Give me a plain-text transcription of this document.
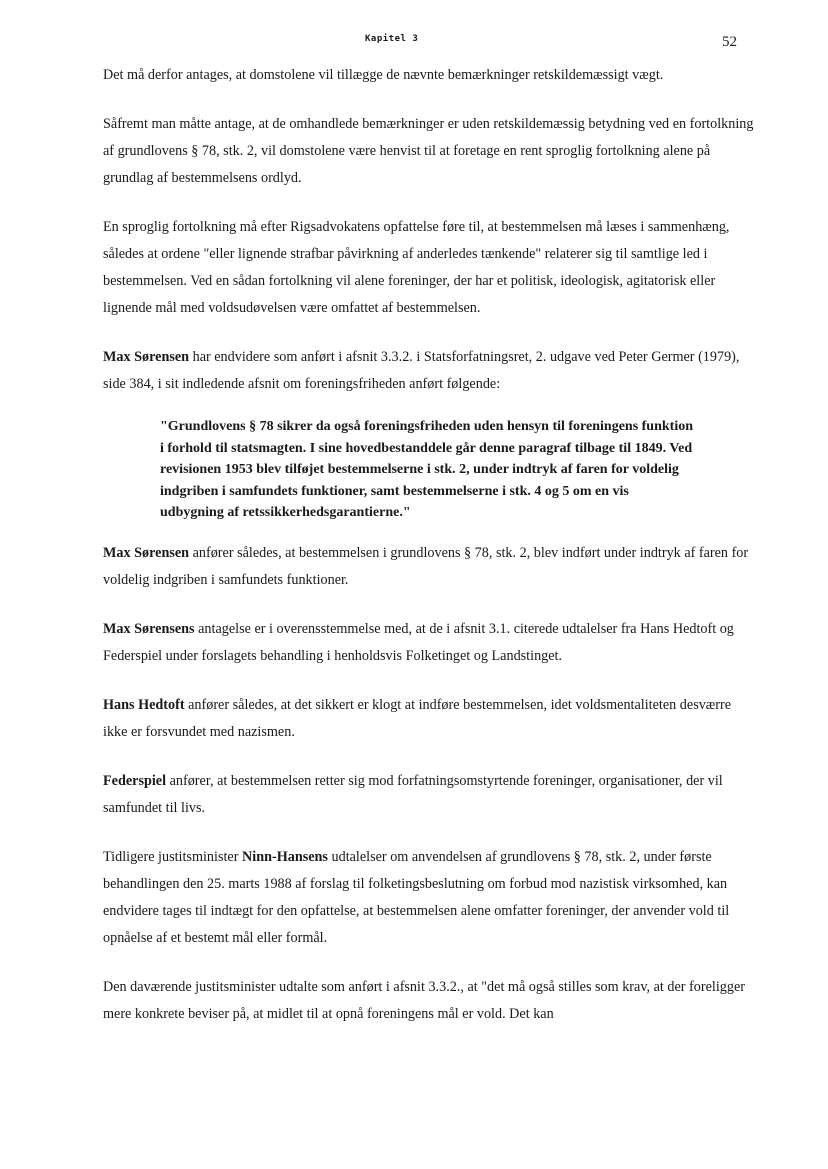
Kapitel 3	52

Det må derfor antages, at domstolene vil tillægge de nævnte bemærkninger retskildemæssigt vægt.

Såfremt man måtte antage, at de omhandlede bemærkninger er uden retskildemæssig betydning ved en fortolkning af grundlovens § 78, stk. 2, vil domstolene være henvist til at foretage en rent sproglig fortolkning alene på grundlag af bestemmelsens ordlyd.

En sproglig fortolkning må efter Rigsadvokatens opfattelse føre til, at bestemmelsen må læses i sammenhæng, således at ordene "eller lignende strafbar påvirkning af anderledes tænkende" relaterer sig til samtlige led i bestemmelsen. Ved en sådan fortolkning vil alene foreninger, der har et politisk, ideologisk, agitatorisk eller lignende mål med voldsudøvelsen være omfattet af bestemmelsen.

Max Sørensen har endvidere som anført i afsnit 3.3.2. i Statsforfatningsret, 2. udgave ved Peter Germer (1979), side 384, i sit indledende afsnit om foreningsfriheden anført følgende:

"Grundlovens § 78 sikrer da også foreningsfriheden uden hensyn til foreningens funktion i forhold til statsmagten. I sine hovedbestanddele går denne paragraf tilbage til 1849. Ved revisionen 1953 blev tilføjet bestemmelserne i stk. 2, under indtryk af faren for voldelig indgriben i samfundets funktioner, samt bestemmelserne i stk. 4 og 5 om en vis udbygning af retssikkerhedsgarantierne."

Max Sørensen anfører således, at bestemmelsen i grundlovens § 78, stk. 2, blev indført under indtryk af faren for voldelig indgriben i samfundets funktioner.

Max Sørensens antagelse er i overensstemmelse med, at de i afsnit 3.1. citerede udtalelser fra Hans Hedtoft og Federspiel under forslagets behandling i henholdsvis Folketinget og Landstinget.

Hans Hedtoft anfører således, at det sikkert er klogt at indføre bestemmelsen, idet voldsmentaliteten desværre ikke er forsvundet med nazismen.

Federspiel anfører, at bestemmelsen retter sig mod forfatningsomstyrtende foreninger, organisationer, der vil samfundet til livs.

Tidligere justitsminister Ninn-Hansens udtalelser om anvendelsen af grundlovens § 78, stk. 2, under første behandlingen den 25. marts 1988 af forslag til folketingsbeslutning om forbud mod nazistisk virksomhed, kan endvidere tages til indtægt for den opfattelse, at bestemmelsen alene omfatter foreninger, der anvender vold til opnåelse af et bestemt mål eller formål.

Den daværende justitsminister udtalte som anført i afsnit 3.3.2., at "det må også stilles som krav, at der foreligger mere konkrete beviser på, at midlet til at opnå foreningens mål er vold. Det kan
